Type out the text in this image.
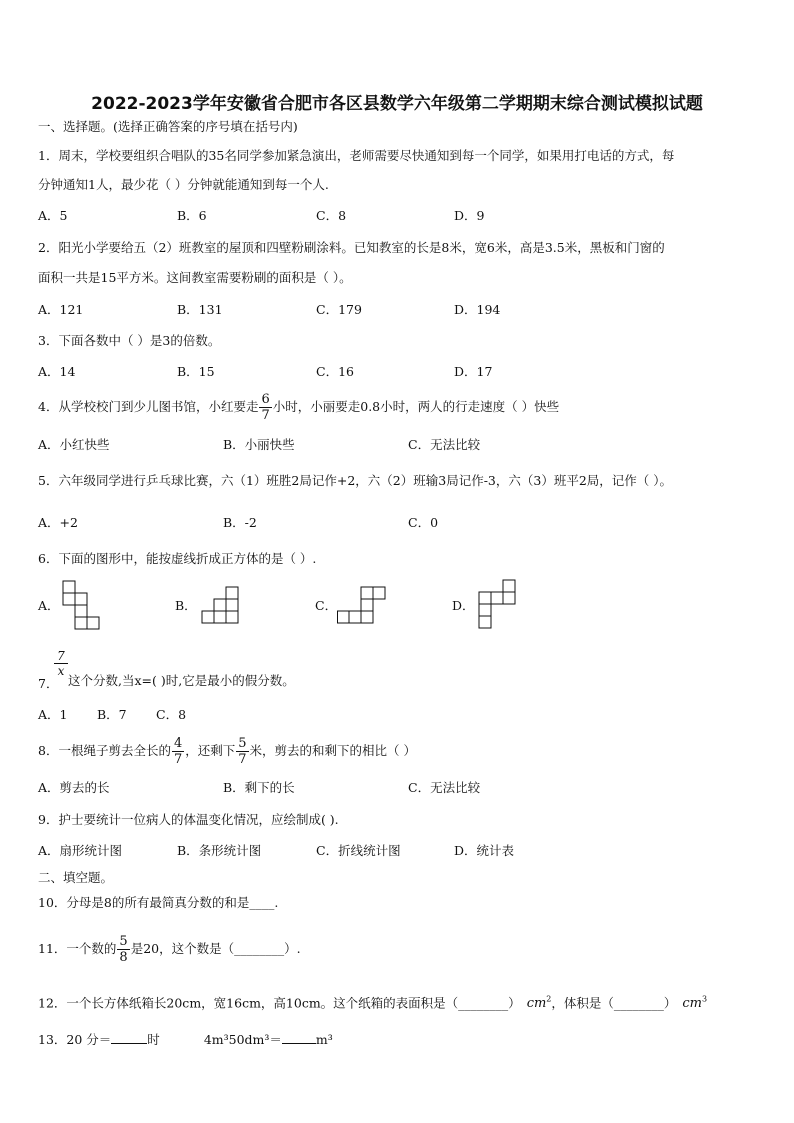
2022-2023学年安徽省合肥市各区县数学六年级第二学期期末综合测试模拟试题
一、选择题。(选择正确答案的序号填在括号内)
1．周末，学校要组织合唱队的35名同学参加紧急演出，老师需要尽快通知到每一个同学，如果用打电话的方式，每
分钟通知1人，最少花（ ）分钟就能通知到每一个人.
A．5	B．6	C．8	D．9
2．阳光小学要给五（2）班教室的屋顶和四壁粉刷涂料。已知教室的长是8米，宽6米，高是3.5米，黑板和门窗的
面积一共是15平方米。这间教室需要粉刷的面积是（ ）。
A．121	B．131	C．179	D．194
3．下面各数中（ ）是3的倍数。
A．14	B．15	C．16	D．17
4．从学校校门到少儿图书馆，小红要走 $\frac{6}{7}$ 小时，小丽要走0.8小时，两人的行走速度（ ）快些
A．小红快些	B．小丽快些	C．无法比较
5．六年级同学进行乒乓球比赛，六（1）班胜2局记作+2，六（2）班输3局记作-3，六（3）班平2局，记作（ ）。
A．+2	B．-2	C．0
6．下面的图形中，能按虚线折成正方体的是（ ）.
A．	B．	C．	D．
$\frac{7}{x}$
7． 这个分数,当x=( )时,它是最小的假分数。
A．1 B．7 C．8
8．一根绳子剪去全长的 $\frac{4}{7}$ ，还剩下 $\frac{5}{7}$ 米，剪去的和剩下的相比（ ）
A．剪去的长	B．剩下的长	C．无法比较
9．护士要统计一位病人的体温变化情况，应绘制成( ).
A．扇形统计图	B．条形统计图	C．折线统计图	D．统计表
二、填空题。
10．分母是8的所有最简真分数的和是____.
11．一个数的 $\frac{5}{8}$ 是20，这个数是（________）.
12．一个长方体纸箱长20cm，宽16cm，高10cm。这个纸箱的表面积是（________） $cm^2$，体积是（________） $cm^3$
13．20 分＝	时	4m³50dm³＝	m³
